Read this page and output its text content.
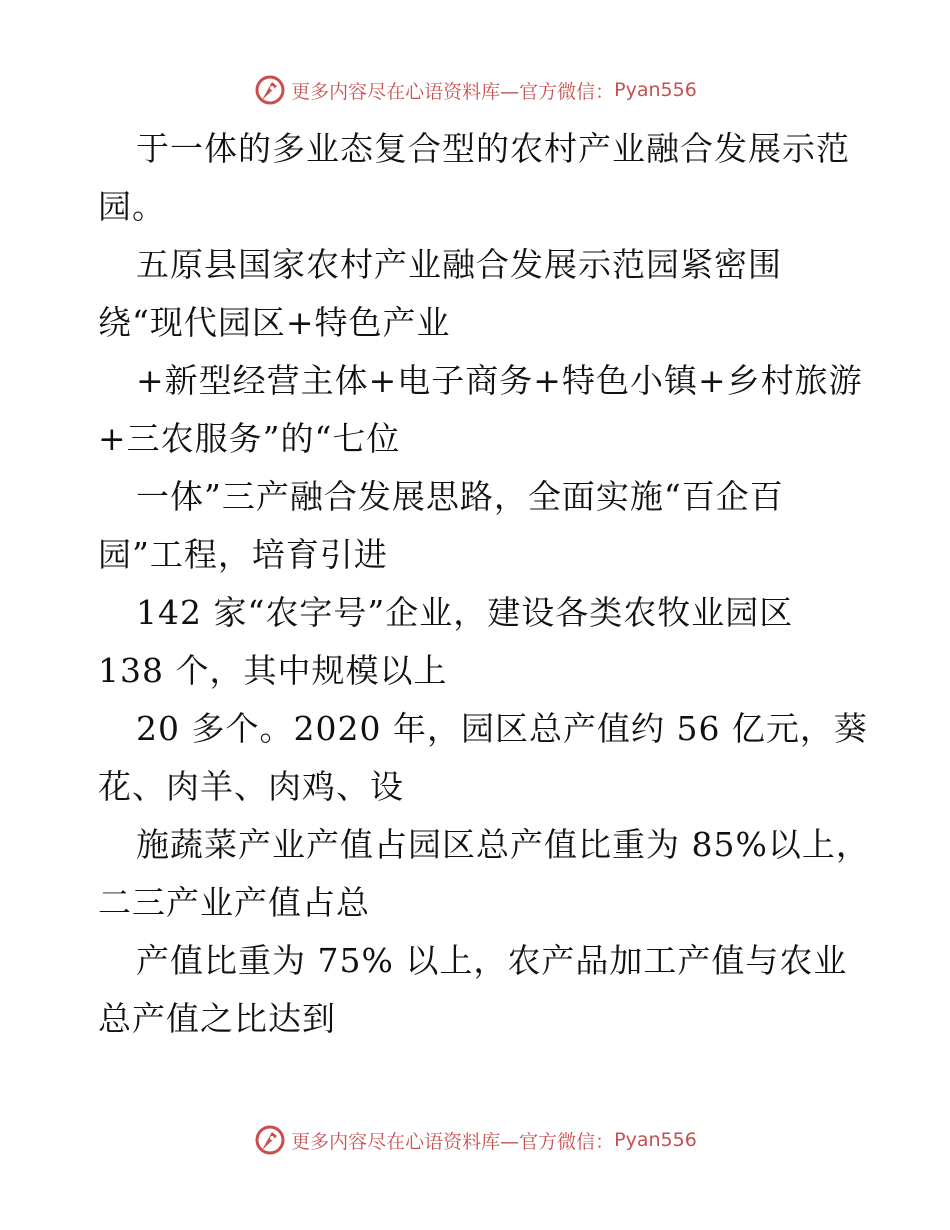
更多内容尽在心语资料库—官方微信： Pyan556
于一体的多业态复合型的农村产业融合发展示范
园。
五原县国家农村产业融合发展示范园紧密围
绕“现代园区+特色产业
+新型经营主体+电子商务+特色小镇+乡村旅游
+三农服务”的“七位
一体”三产融合发展思路，全面实施“百企百
园”工程，培育引进
142 家“农字号”企业，建设各类农牧业园区
138 个，其中规模以上
20 多个。2020 年，园区总产值约 56 亿元，葵
花、肉羊、肉鸡、设
施蔬菜产业产值占园区总产值比重为 85%以上，
二三产业产值占总
产值比重为 75% 以上，农产品加工产值与农业
总产值之比达到
更多内容尽在心语资料库—官方微信： Pyan556
